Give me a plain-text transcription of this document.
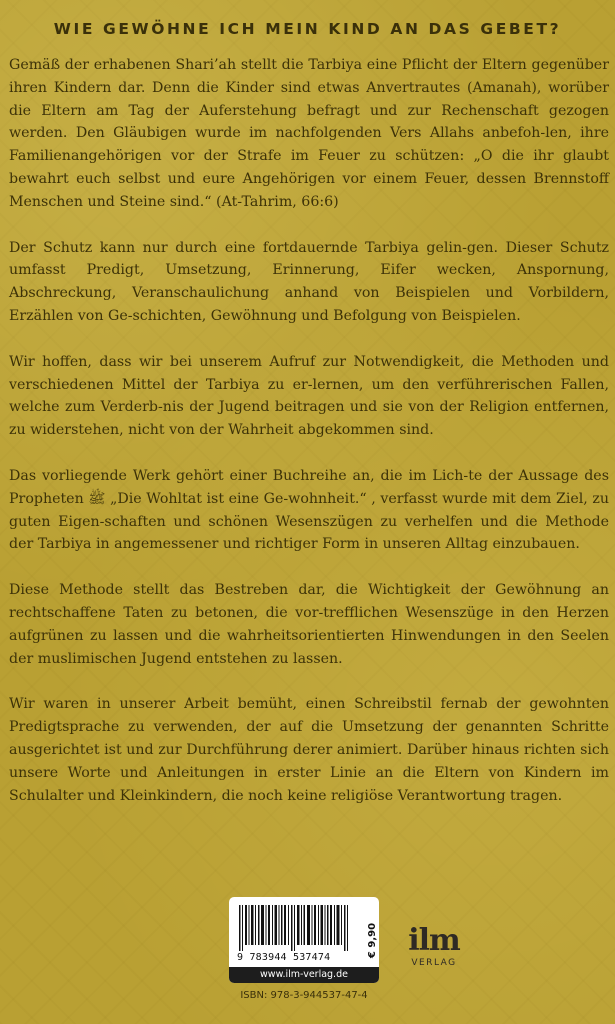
WIE GEWÖHNE ICH MEIN KIND AN DAS GEBET?

Gemäß der erhabenen Shari’ah stellt die Tarbiya eine Pflicht der Eltern gegenüber ihren Kindern dar. Denn die Kinder sind etwas Anvertrautes (Amanah), worüber die Eltern am Tag der Auferstehung befragt und zur Rechenschaft gezogen werden. Den Gläubigen wurde im nachfolgenden Vers Allahs anbefoh-len, ihre Familienangehörigen vor der Strafe im Feuer zu schützen: „O die ihr glaubt bewahrt euch selbst und eure Angehörigen vor einem Feuer, dessen Brennstoff Menschen und Steine sind.“ (At-Tahrim, 66:6)

Der Schutz kann nur durch eine fortdauernde Tarbiya gelin-gen. Dieser Schutz umfasst Predigt, Umsetzung, Erinnerung, Eifer wecken, Anspornung, Abschreckung, Veranschaulichung anhand von Beispielen und Vorbildern, Erzählen von Ge-schichten, Gewöhnung und Befolgung von Beispielen.

Wir hoffen, dass wir bei unserem Aufruf zur Notwendigkeit, die Methoden und verschiedenen Mittel der Tarbiya zu er-lernen, um den verführerischen Fallen, welche zum Verderb-nis der Jugend beitragen und sie von der Religion entfernen, zu widerstehen, nicht von der Wahrheit abgekommen sind.

Das vorliegende Werk gehört einer Buchreihe an, die im Lich-te der Aussage des Propheten ﷺ „Die Wohltat ist eine Ge-wohnheit.“ , verfasst wurde mit dem Ziel, zu guten Eigen-schaften und schönen Wesenszügen zu verhelfen und die Methode der Tarbiya in angemessener und richtiger Form in unseren Alltag einzubauen.

Diese Methode stellt das Bestreben dar, die Wichtigkeit der Gewöhnung an rechtschaffene Taten zu betonen, die vor-trefflichen Wesenszüge in den Herzen aufgrünen zu lassen und die wahrheitsorientierten Hinwendungen in den Seelen der muslimischen Jugend entstehen zu lassen.

Wir waren in unserer Arbeit bemüht, einen Schreibstil fernab der gewohnten Predigtsprache zu verwenden, der auf die Umsetzung der genannten Schritte ausgerichtet ist und zur Durchführung derer animiert. Darüber hinaus richten sich unsere Worte und Anleitungen in erster Linie an die Eltern von Kindern im Schulalter und Kleinkindern, die noch keine religiöse Verantwortung tragen.

9 783944 537474	€ 9,90
www.ilm-verlag.de
ISBN: 978-3-944537-47-4
ilm
VERLAG
